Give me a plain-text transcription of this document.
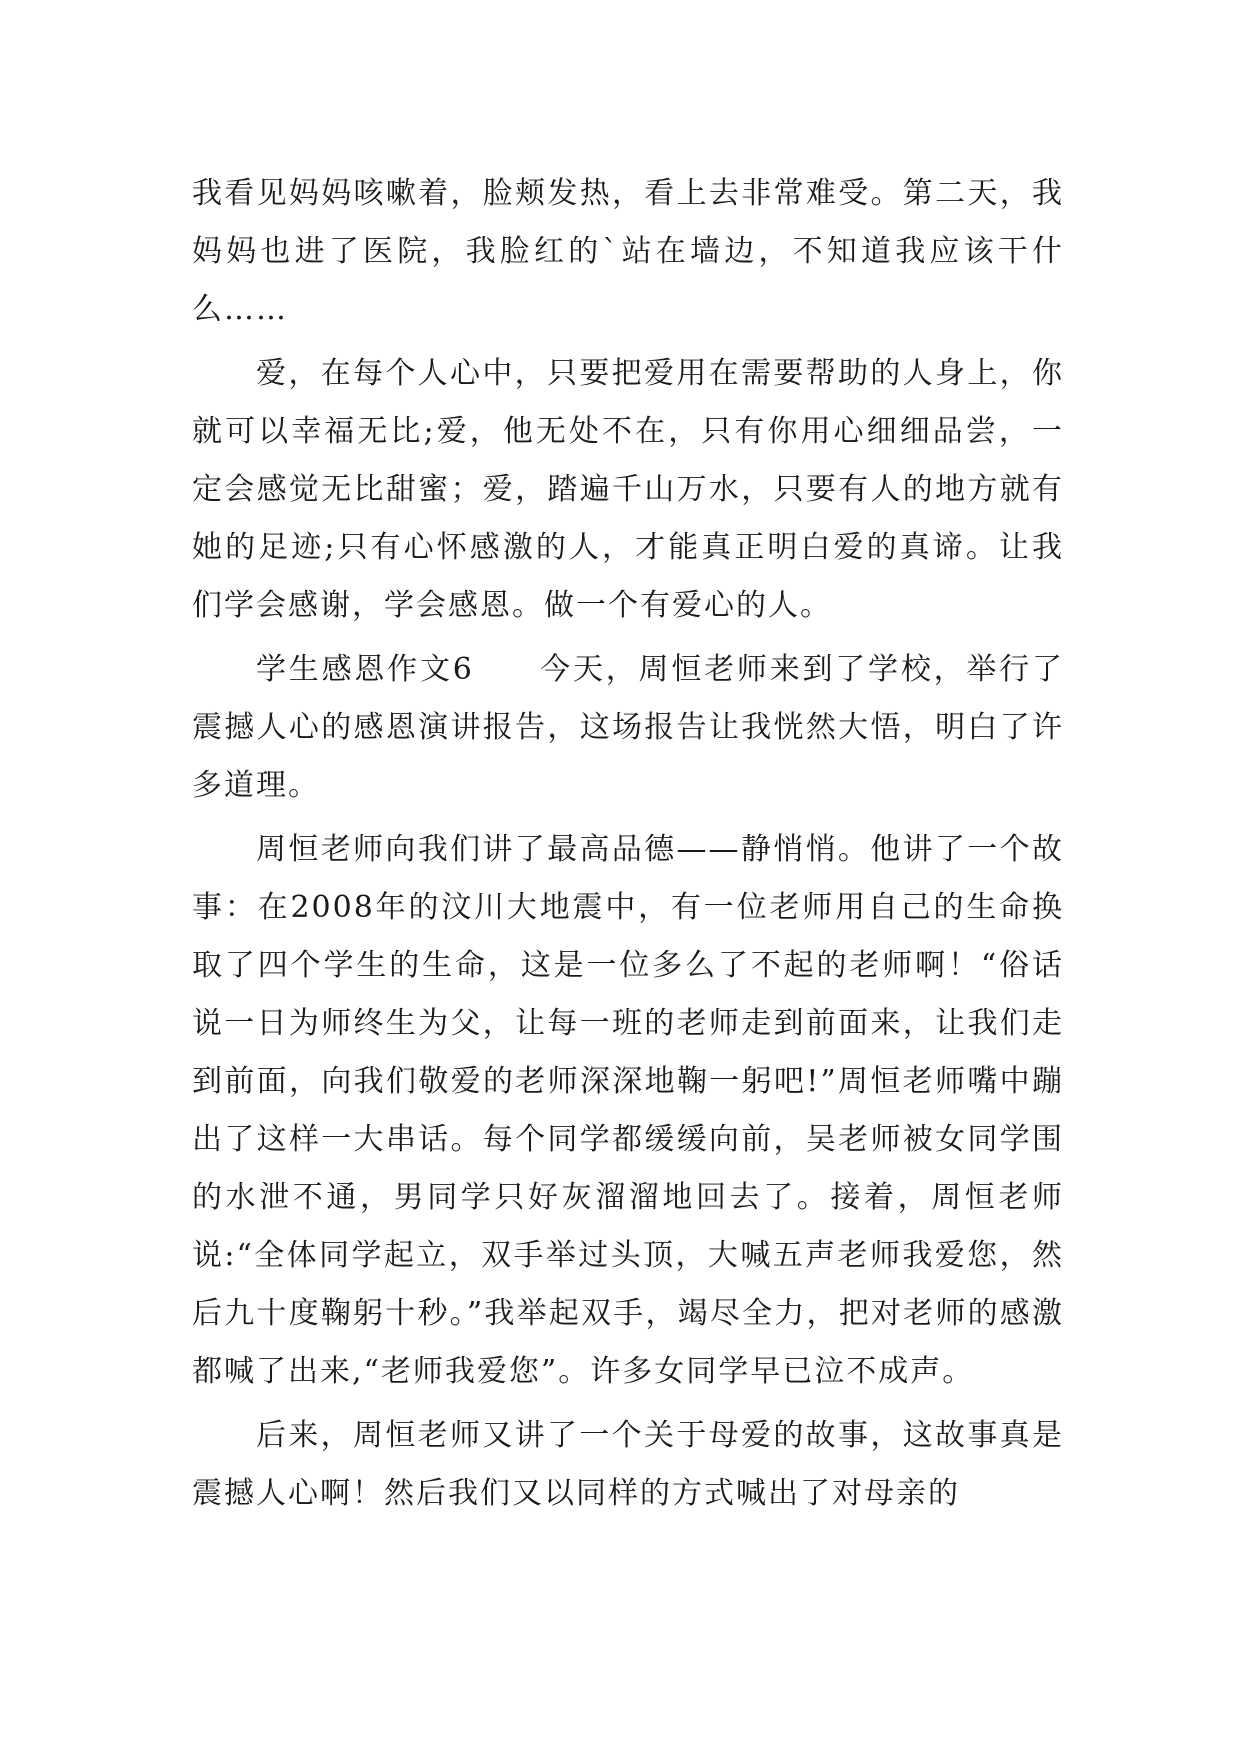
我看见妈妈咳嗽着，脸颊发热，看上去非常难受。第二天，我妈妈也进了医院，我脸红的`站在墙边，不知道我应该干什么……

爱，在每个人心中，只要把爱用在需要帮助的人身上，你就可以幸福无比;爱，他无处不在，只有你用心细细品尝，一定会感觉无比甜蜜；爱，踏遍千山万水，只要有人的地方就有她的足迹;只有心怀感激的人，才能真正明白爱的真谛。让我们学会感谢，学会感恩。做一个有爱心的人。

学生感恩作文6　　今天，周恒老师来到了学校，举行了震撼人心的感恩演讲报告，这场报告让我恍然大悟，明白了许多道理。

周恒老师向我们讲了最高品德——静悄悄。他讲了一个故事：在2008年的汶川大地震中，有一位老师用自己的生命换取了四个学生的生命，这是一位多么了不起的老师啊！“俗话说一日为师终生为父，让每一班的老师走到前面来，让我们走到前面，向我们敬爱的老师深深地鞠一躬吧!”周恒老师嘴中蹦出了这样一大串话。每个同学都缓缓向前，吴老师被女同学围的水泄不通，男同学只好灰溜溜地回去了。接着，周恒老师说:“全体同学起立，双手举过头顶，大喊五声老师我爱您，然后九十度鞠躬十秒。”我举起双手，竭尽全力，把对老师的感激都喊了出来,“老师我爱您”。许多女同学早已泣不成声。

后来，周恒老师又讲了一个关于母爱的故事，这故事真是震撼人心啊！然后我们又以同样的方式喊出了对母亲的
